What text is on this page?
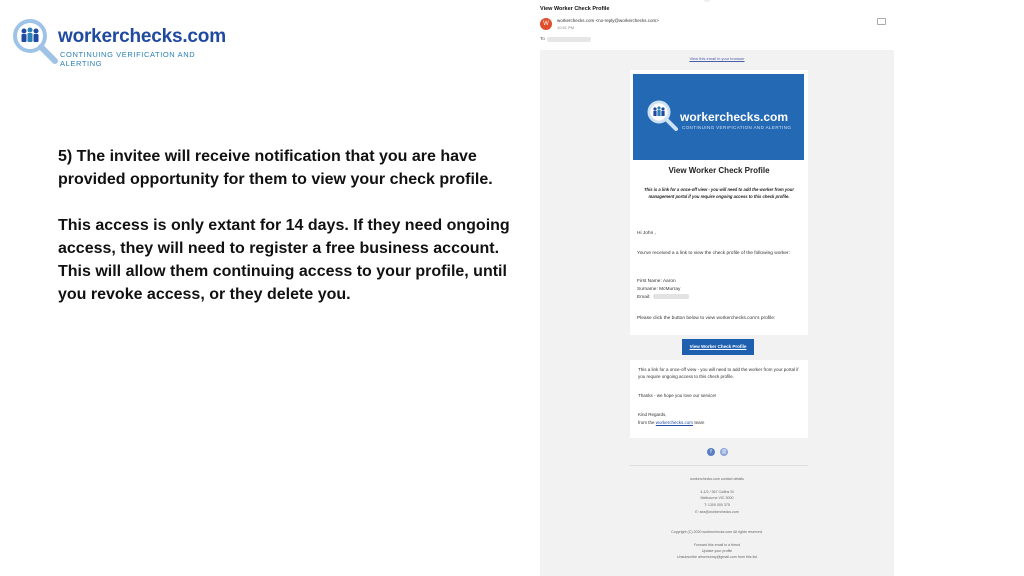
workerchecks.com
CONTINUING VERIFICATION AND ALERTING

5) The invitee will receive notification that you are have provided opportunity for them to view your check profile.

This access is only extant for 14 days. If they need ongoing access, they will need to register a free business account. This will allow them continuing access to your profile, until you revoke access, or they delete you.

View Worker Check Profile
W
workerchecks.com <no-reply@workerchecks.com>
10:51 PM
To
View this email in your browser
workerchecks.com
CONTINUING VERIFICATION AND ALERTING
View Worker Check Profile
This is a link for a once-off view - you will need to add the worker from your management portal if you require ongoing access to this check profile.
Hi John ,
You've received a a link to view the check profile of the following worker:
First Name: Aaron
Surname: McMurray
Email:
Please click the button below to view workerchecks.com's profile:
View Worker Check Profile
This a link for a once-off view - you will need to add the worker from your portal if you require ongoing access to this check profile.
Thanks - we hope you love our service!
Kind Regards,
from the workerchecks.com team
f	@
workerchecks.com contact details
4-1/2 / 367 Collins St
Melbourne VIC 3000
T: 1300 000 375
E: sea@workerchecks.com
Copyright (C) 2020 workerchecks.com All rights reserved.
Forward this email to a friend
Update your profile
Unsubscribe aimcmurray@gmail.com from this list
